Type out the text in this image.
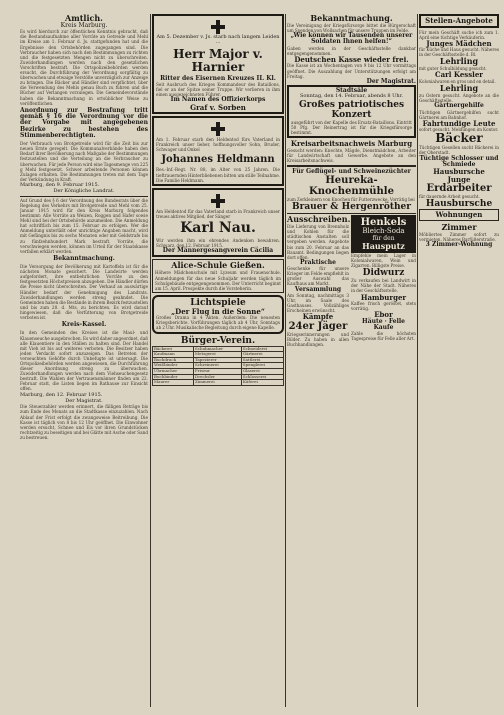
Amtlich.
Kreis Marburg.
Es wird hierdurch zur öffentlichen Kenntnis gebracht, daß die Bestandsaufnahme aller Vorräte an Getreide und Mehl im Kreise am 1. Februar d. Js. stattgefunden hat und die Ergebnisse den Ortsbehörden zugegangen sind. Die Verbraucher haben sich nach den Bestimmungen zu richten und die festgesetzten Mengen nicht zu überschreiten. Zuwiderhandlungen werden nach den gesetzlichen Vorschriften bestraft. Die Ortspolizeibehörden werden ersucht, die Durchführung der Verordnung sorgfältig zu überwachen und etwaige Verstöße unverzüglich zur Anzeige zu bringen. Die Bäcker und Händler sind verpflichtet, über die Verwendung des Mehls genau Buch zu führen und die Bücher auf Verlangen vorzulegen. Die Gemeindevorstände haben die Bekanntmachung in ortsüblicher Weise zu veröffentlichen.
Anordnung zur Bestrafung tritt gemäß § 16 die Verordnung vor die der Vorgabe mit angegebenen Bezirke zu bestehen des Stimmenberechtigten.
Der Verbrauch von Brotgetreide wird für die Zeit bis zur neuen Ernte geregelt. Die Kommunalverbände haben den Bedarf ihrer Bevölkerung nach Maßgabe der Bestimmungen festzustellen und die Verteilung an die Verbraucher zu überwachen. Für jede Person wird eine Tagesmenge von 225 g Mehl festgesetzt. Schwer arbeitende Personen können Zulagen erhalten. Die Bestimmungen treten mit dem Tage der Verkündung in Kraft.
Marburg, den 9. Februar 1915.
Der Königliche Landrat.
Auf Grund des § 6 der Verordnung des Bundesrats über die Regelung des Verkehrs mit Brotgetreide und Mehl vom 25. Januar 1915 wird für den Kreis Marburg folgendes bestimmt: Alle Vorräte an Weizen, Roggen und Hafer sowie Mehl sind bei der Ortsbehörde anzumelden. Die Anmeldung hat schriftlich bis zum 15. Februar zu erfolgen. Wer die Anmeldung unterläßt oder unrichtige Angaben macht, wird mit Gefängnis bis zu sechs Monaten oder mit Geldstrafe bis zu fünfzehnhundert Mark bestraft. Vorräte, die verschwiegen werden, können im Urteil für der Staatskasse verfallen erklärt werden.
Bekanntmachung.
Die Versorgung der Bevölkerung mit Kartoffeln ist für die nächsten Monate gesichert. Die Landwirte werden aufgefordert, ihre entbehrlichen Vorräte zu den festgesetzten Höchstpreisen abzugeben. Die Händler dürfen die Preise nicht überschreiten. Der Verkauf an auswärtige Händler bedarf der Genehmigung des Landrats. Zuwiderhandlungen werden streng geahndet. Die Gemeinden haben die Bestände in ihrem Bezirk festzustellen und bis zum 20. d. Mts. zu berichten. Es wird darauf hingewiesen, daß die Verfütterung von Brotgetreide verboten ist.
Kreis-Kassel.
In den Gemeinden des Kreises ist die Maul- und Klauenseuche ausgebrochen. Es wird daher angeordnet, daß alle Klauentiere in den Ställen zu halten sind. Der Handel mit Vieh ist bis auf weiteres verboten. Die Besitzer haben jeden Verdacht sofort anzuzeigen. Das Betreten der verseuchten Gehöfte durch Unbefugte ist untersagt. Die Ortspolizeibehörden werden angewiesen, die Durchführung dieser Anordnung streng zu überwachen. Zuwiderhandlungen werden nach dem Viehseuchengesetz bestraft. Die Wahlen der Vertrauensmänner finden am 22. Februar statt, die Listen liegen im Rathause zur Einsicht offen.
Marburg, den 12. Februar 1915.
Der Magistrat.
Die Steuerzahler werden erinnert, die fälligen Beträge bis zum Ende des Monats an die Stadtkasse einzuzahlen. Nach Ablauf der Frist erfolgt die zwangsweise Beitreibung. Die Kasse ist täglich von 8 bis 12 Uhr geöffnet. Die Einwohner werden ersucht, Schnee und Eis vor ihren Grundstücken rechtzeitig zu beseitigen und bei Glätte mit Asche oder Sand zu bestreuen.
Am 5. Dezember v. Js. starb nach langem Leiden ...
Herr Major v. Harnier
Ritter des Eisernen Kreuzes II. Kl.
Seit Ausbruch des Krieges Kommandeur des Bataillons, fiel er an der Spitze seiner Truppe. Wir verlieren in ihm einen ausgezeichneten Führer.
Im Namen des Offizierkorps
Graf v. Sorben
Am 1. Februar starb den Heldentod fürs Vaterland in Frankreich unser lieber, hoffnungsvoller Sohn, Bruder, Schwager und Onkel
Johannes Heldmann
Res.-Inf.-Regt. Nr. 88, im Alter von 25 Jahren. Die tieftrauernden Hinterbliebenen bitten um stille Teilnahme. Die Familie Heldmann.
Am Heldentod für das Vaterland starb in Frankreich unser treues aktives Mitglied, der Sänger
Karl Nau.
Wir werden ihm ein ehrendes Andenken bewahren. Schwarz, den 12. Februar 1915.
Der Männergesangverein Cäcilia
Alice-Schule Gießen.
Höhere Mädchenschule mit Lyzeum und Frauenschule. Anmeldungen für das neue Schuljahr werden täglich im Schulgebäude entgegengenommen. Der Unterricht beginnt am 15. April. Prospekte durch die Vorsteherin.
Lichtspiele
„Der Flug in die Sonne“
Großes Drama in 4 Akten. Außerdem: Die neuesten Kriegsberichte. Vorführungen täglich ab 4 Uhr, Sonntags ab 2 Uhr. Musikalische Begleitung durch eigene Kapelle.
Bürger-Verein.
Bäckerei	Schuhmacher	Schneiderei
Kaufmann	Metzgerei	Gärtnerei
Buchdruck	Tapezierer	Sattlerei
Weißbinder	Schreinerei	Spenglerei
Uhrmacher	Friseur	Glaserei
Buchbinder	Drechsler	Schlosserei
Maurer	Zimmerei	Küferei
Bekanntmachung.
Die Vereinigung der Kriegsfürsorge bittet die Bürgerschaft um Spenden von Wollsachen für unsere Truppen im Felde.
„Wie können wir Tausenden unserer Soldaten Ihnen helfen!“
Gaben werden in der Geschäftsstelle dankbar entgegengenommen.
Deutschen Kasse wieder frei.
Die Kasse ist an Wochentagen von 9 bis 12 Uhr vormittags geöffnet. Die Auszahlung der Unterstützungen erfolgt am Freitag.
Der Magistrat.
Stadtsäle
Sonntag, den 14. Februar, abends 8 Uhr.
Großes patriotisches Konzert
ausgeführt von der Kapelle des Ersatz-Bataillons. Eintritt 50 Pfg. Der Reinertrag ist für die Kriegsfürsorge bestimmt.
Kreisarbeitsnachweis Marburg
Gesucht werden: Knechte, Mägde, Dienstmädchen, Arbeiter für Landwirtschaft und Gewerbe. Angebote an den Kreisarbeitsnachweis.
Für Geflügel- und Schweinezüchter
Heureka-Knochenmühle
zum Zerkleinern von Knochen für Futterzwecke. Vorrätig bei
Brauer & Hergenröther
Ausschreiben.
Die Lieferung von Brennholz und Kohlen für die städtischen Anstalten soll vergeben werden. Angebote bis zum 20. Februar an das Bauamt. Bedingungen liegen dort offen.
Praktische
Geschenke für unsere Krieger im Felde empfiehlt in großer Auswahl das Kaufhaus am Markt.
Versammlung
Am Sonntag, nachmittags 3 Uhr, im Saale des Gasthauses. Vollzähliges Erscheinen erwünscht.
Kämpfe
24er Jäger
Kriegserinnerungen und Bilder. Zu haben in allen Buchhandlungen.
Henkels
Bleich-Soda
für den
Hausputz
Empfehle mein Lager in Kolonialwaren, Wein und Zigarren. Billigste Preise.
Didwurz
Zu verkaufen bei Landwirt in der Nähe der Stadt. Näheres in der Geschäftsstelle.
Hamburger
Kaffee frisch geröstet, stets vorrätig.
Ebor
Häute · Felle
Kaufe
Zahle die höchsten Tagespreise für Felle aller Art.
Stellen-Angebote
Für mein Geschäft suche ich zum 1. April eine tüchtige Verkäuferin.
Junges Mädchen
für Küche und Haus gesucht. Näheres in der Geschäftsstelle d. Bl.
Lehrling
mit guter Schulbildung gesucht.
Carl Kessler
Kolonialwaren en gros und en detail.
Lehrling
zu Ostern gesucht. Angebote an die Geschäftsstelle.
Gärtnergehilfe
Tüchtigen Gärtnergehilfen sucht Gärtnerei am Bahnhof.
Fahrtundige Leute
sofort gesucht. Meldungen im Kontor.
Bäcker
Tüchtigen Gesellen sucht Bäckerei in der Oberstadt.
Tüchtige Schlosser und Schmiede
Hausbursche
Junge
Erdarbeiter
für dauernde Arbeit gesucht.
Hausbursche
Wohnungen
Zimmer
Möbliertes Zimmer sofort zu vermieten. Näheres Barfüßerstraße.
3 Zimmer-Wohnung
